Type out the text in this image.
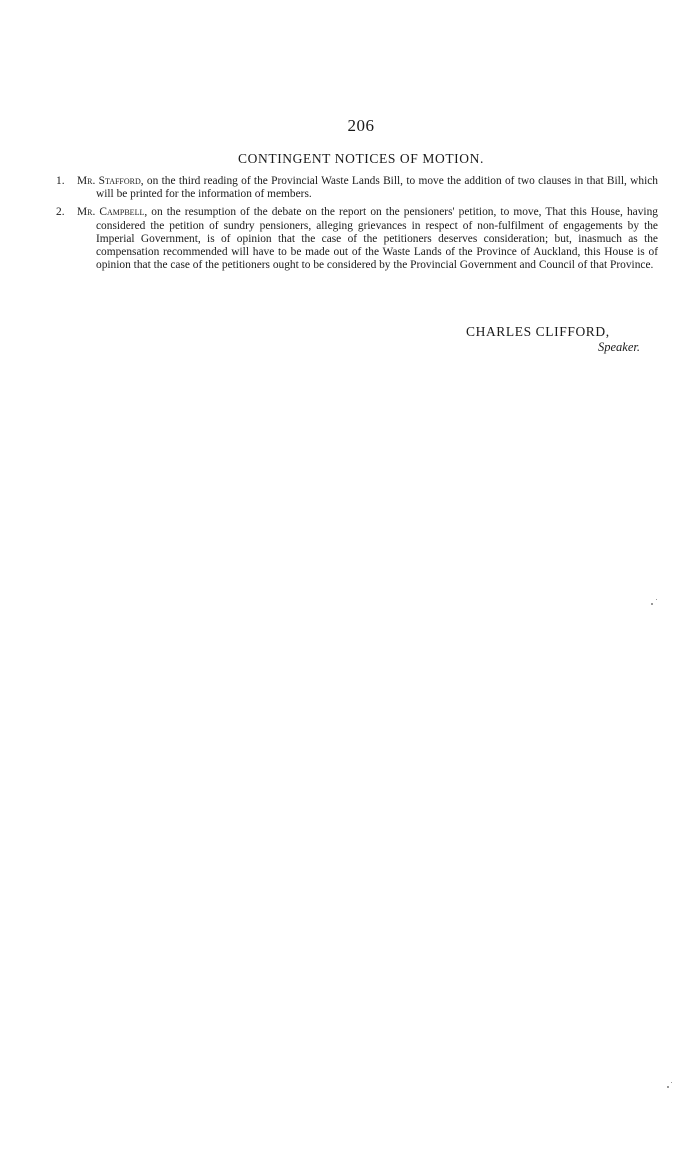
206
CONTINGENT NOTICES OF MOTION.
1.	Mr. Stafford, on the third reading of the Provincial Waste Lands Bill, to move the addition of two clauses in that Bill, which will be printed for the information of members.
2.	Mr. Campbell, on the resumption of the debate on the report on the pensioners' petition, to move, That this House, having considered the petition of sundry pensioners, alleging grievances in respect of non-fulfilment of engagements by the Imperial Government, is of opinion that the case of the petitioners deserves consideration; but, inasmuch as the compensation recommended will have to be made out of the Waste Lands of the Province of Auckland, this House is of opinion that the case of the petitioners ought to be considered by the Provincial Government and Council of that Province.
CHARLES CLIFFORD,
Speaker.
